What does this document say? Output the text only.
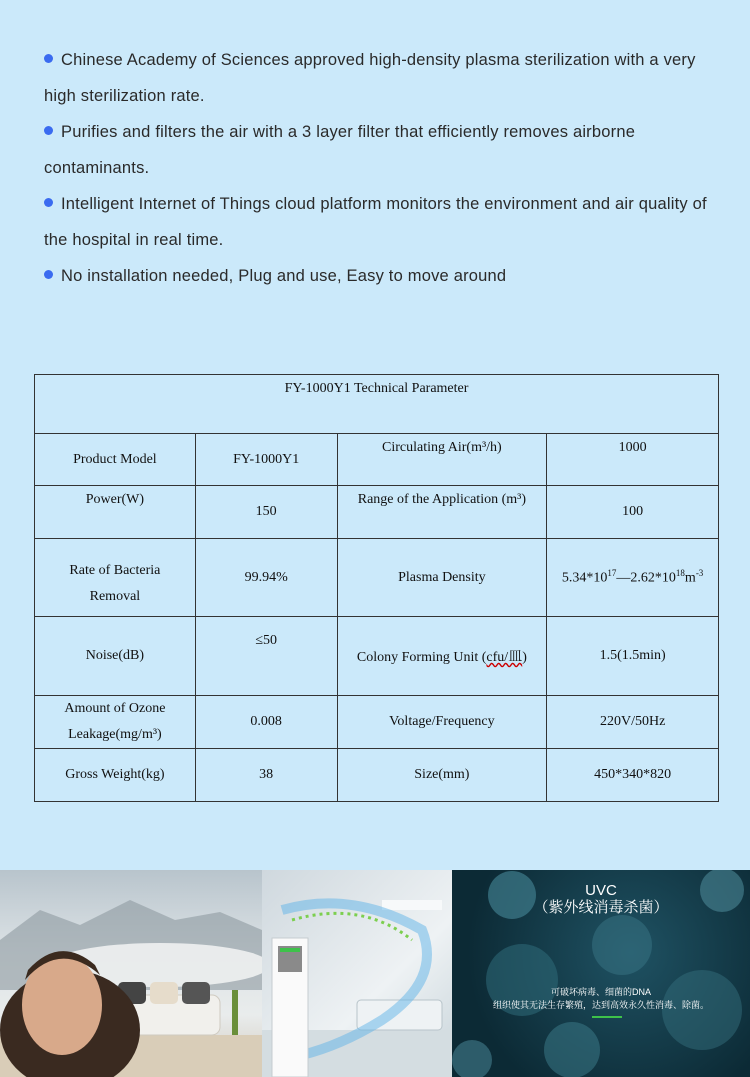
Chinese Academy of Sciences approved high-density plasma sterilization with a very high sterilization rate.
Purifies and filters the air with a 3 layer filter that efficiently removes airborne contaminants.
Intelligent Internet of Things cloud platform monitors the environment and air quality of the hospital in real time.
No installation needed, Plug and use, Easy to move around
FY-1000Y1 Technical Parameter			
Product Model	FY-1000Y1	Circulating Air(m³/h)	1000
Power(W)	150	Range of the Application (m³)	100
Rate of Bacteria
Removal	99.94%	Plasma Density	$5.34*10^{17}—2.62*10^{18}m^{-3}$
Noise(dB)	≤50	Colony Forming Unit (cfu/皿)	1.5(1.5min)
Amount of Ozone
Leakage(mg/m³)	0.008	Voltage/Frequency	220V/50Hz
Gross Weight(kg)	38	Size(mm)	450*340*820
UVC
（紫外线消毒杀菌）
可破坏病毒、细菌的DNA
组织使其无法生存繁殖，达到高效永久性消毒、除菌。
